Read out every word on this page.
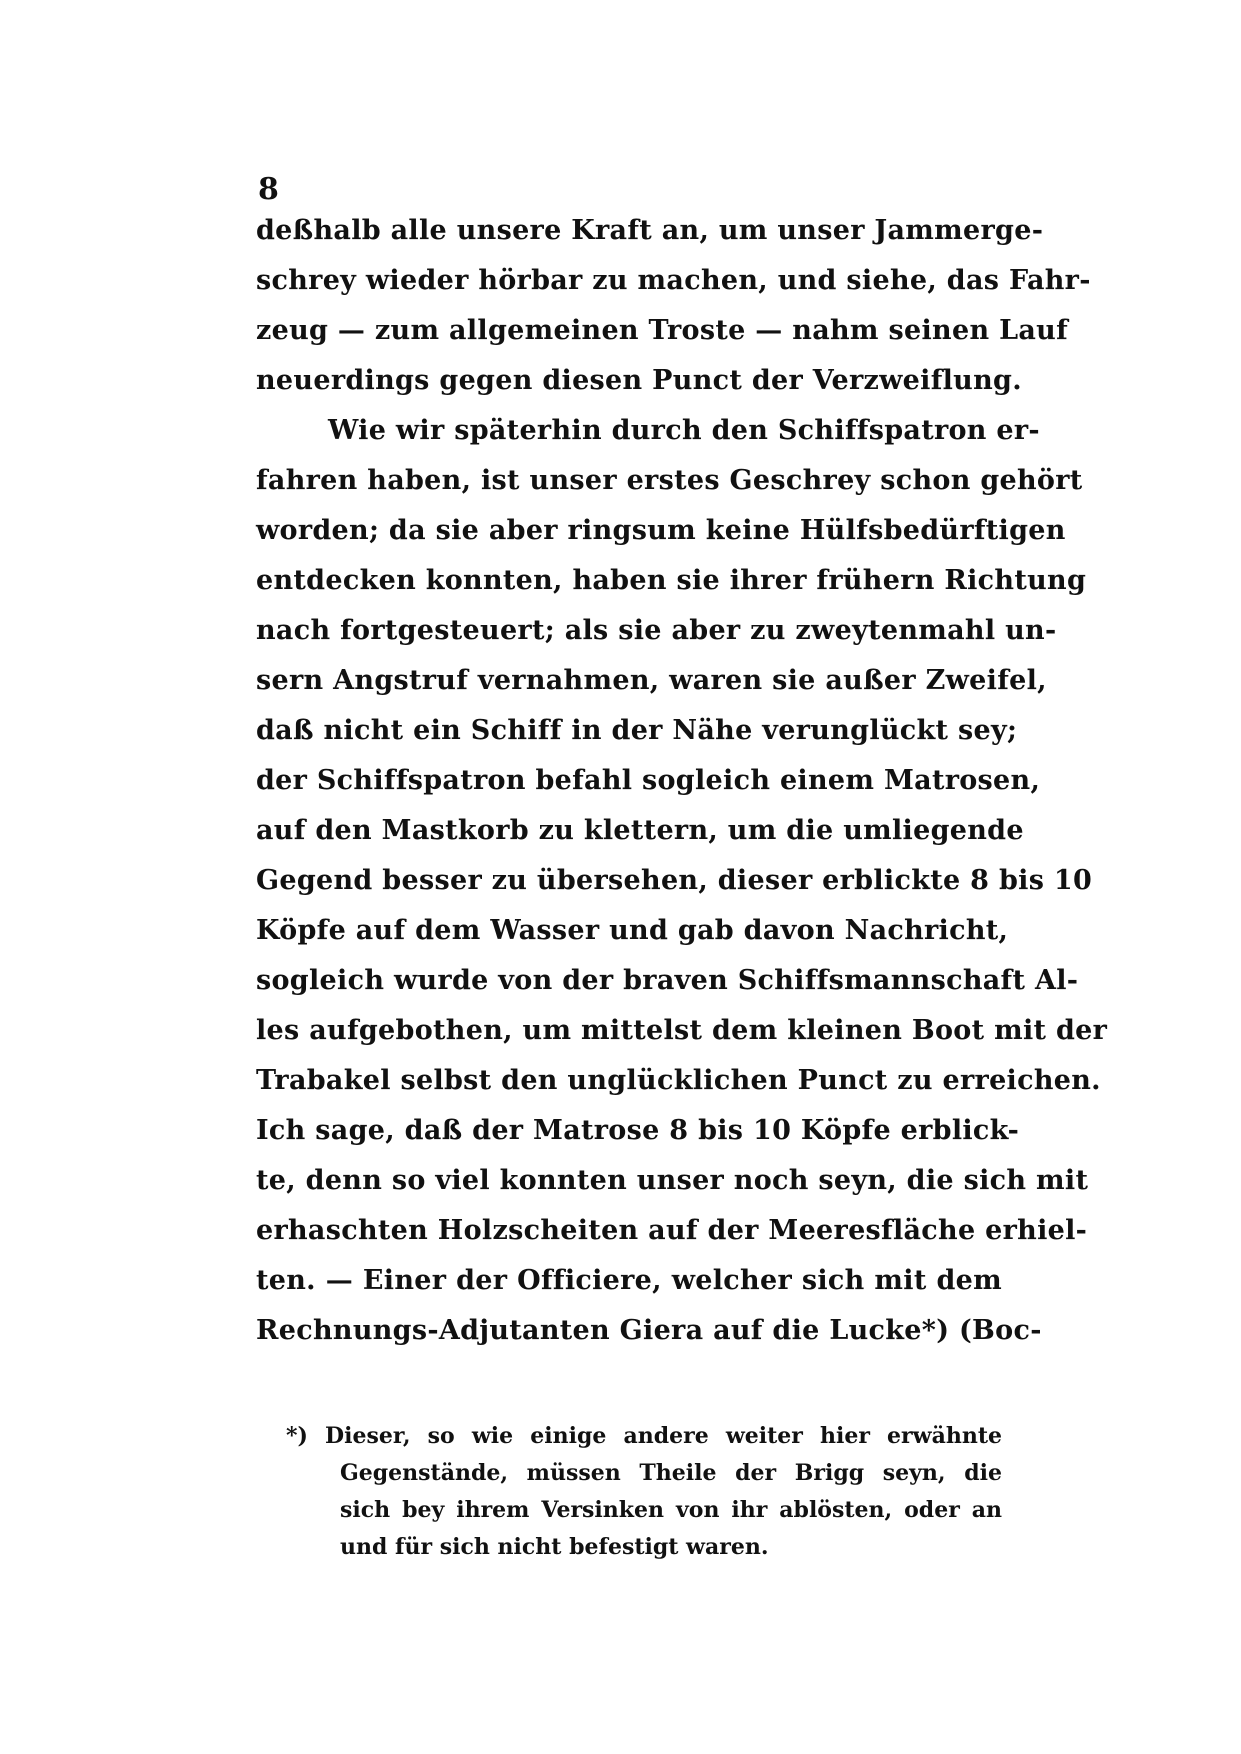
8
deßhalb alle unsere Kraft an, um unser Jammerge-
schrey wieder hörbar zu machen, und siehe, das Fahr-
zeug — zum allgemeinen Troste — nahm seinen Lauf
neuerdings gegen diesen Punct der Verzweiflung.
Wie wir späterhin durch den Schiffspatron er-
fahren haben, ist unser erstes Geschrey schon gehört
worden; da sie aber ringsum keine Hülfsbedürftigen
entdecken konnten, haben sie ihrer frühern Richtung
nach fortgesteuert; als sie aber zu zweytenmahl un-
sern Angstruf vernahmen, waren sie außer Zweifel,
daß nicht ein Schiff in der Nähe verunglückt sey;
der Schiffspatron befahl sogleich einem Matrosen,
auf den Mastkorb zu klettern, um die umliegende
Gegend besser zu übersehen, dieser erblickte 8 bis 10
Köpfe auf dem Wasser und gab davon Nachricht,
sogleich wurde von der braven Schiffsmannschaft Al-
les aufgebothen, um mittelst dem kleinen Boot mit der
Trabakel selbst den unglücklichen Punct zu erreichen.
Ich sage, daß der Matrose 8 bis 10 Köpfe erblick-
te, denn so viel konnten unser noch seyn, die sich mit
erhaschten Holzscheiten auf der Meeresfläche erhiel-
ten. — Einer der Officiere, welcher sich mit dem
Rechnungs-Adjutanten Giera auf die Lucke*) (Boc-
*) Dieser, so wie einige andere weiter hier erwähnte
Gegenstände, müssen Theile der Brigg seyn, die
sich bey ihrem Versinken von ihr ablösten, oder an
und für sich nicht befestigt waren.
